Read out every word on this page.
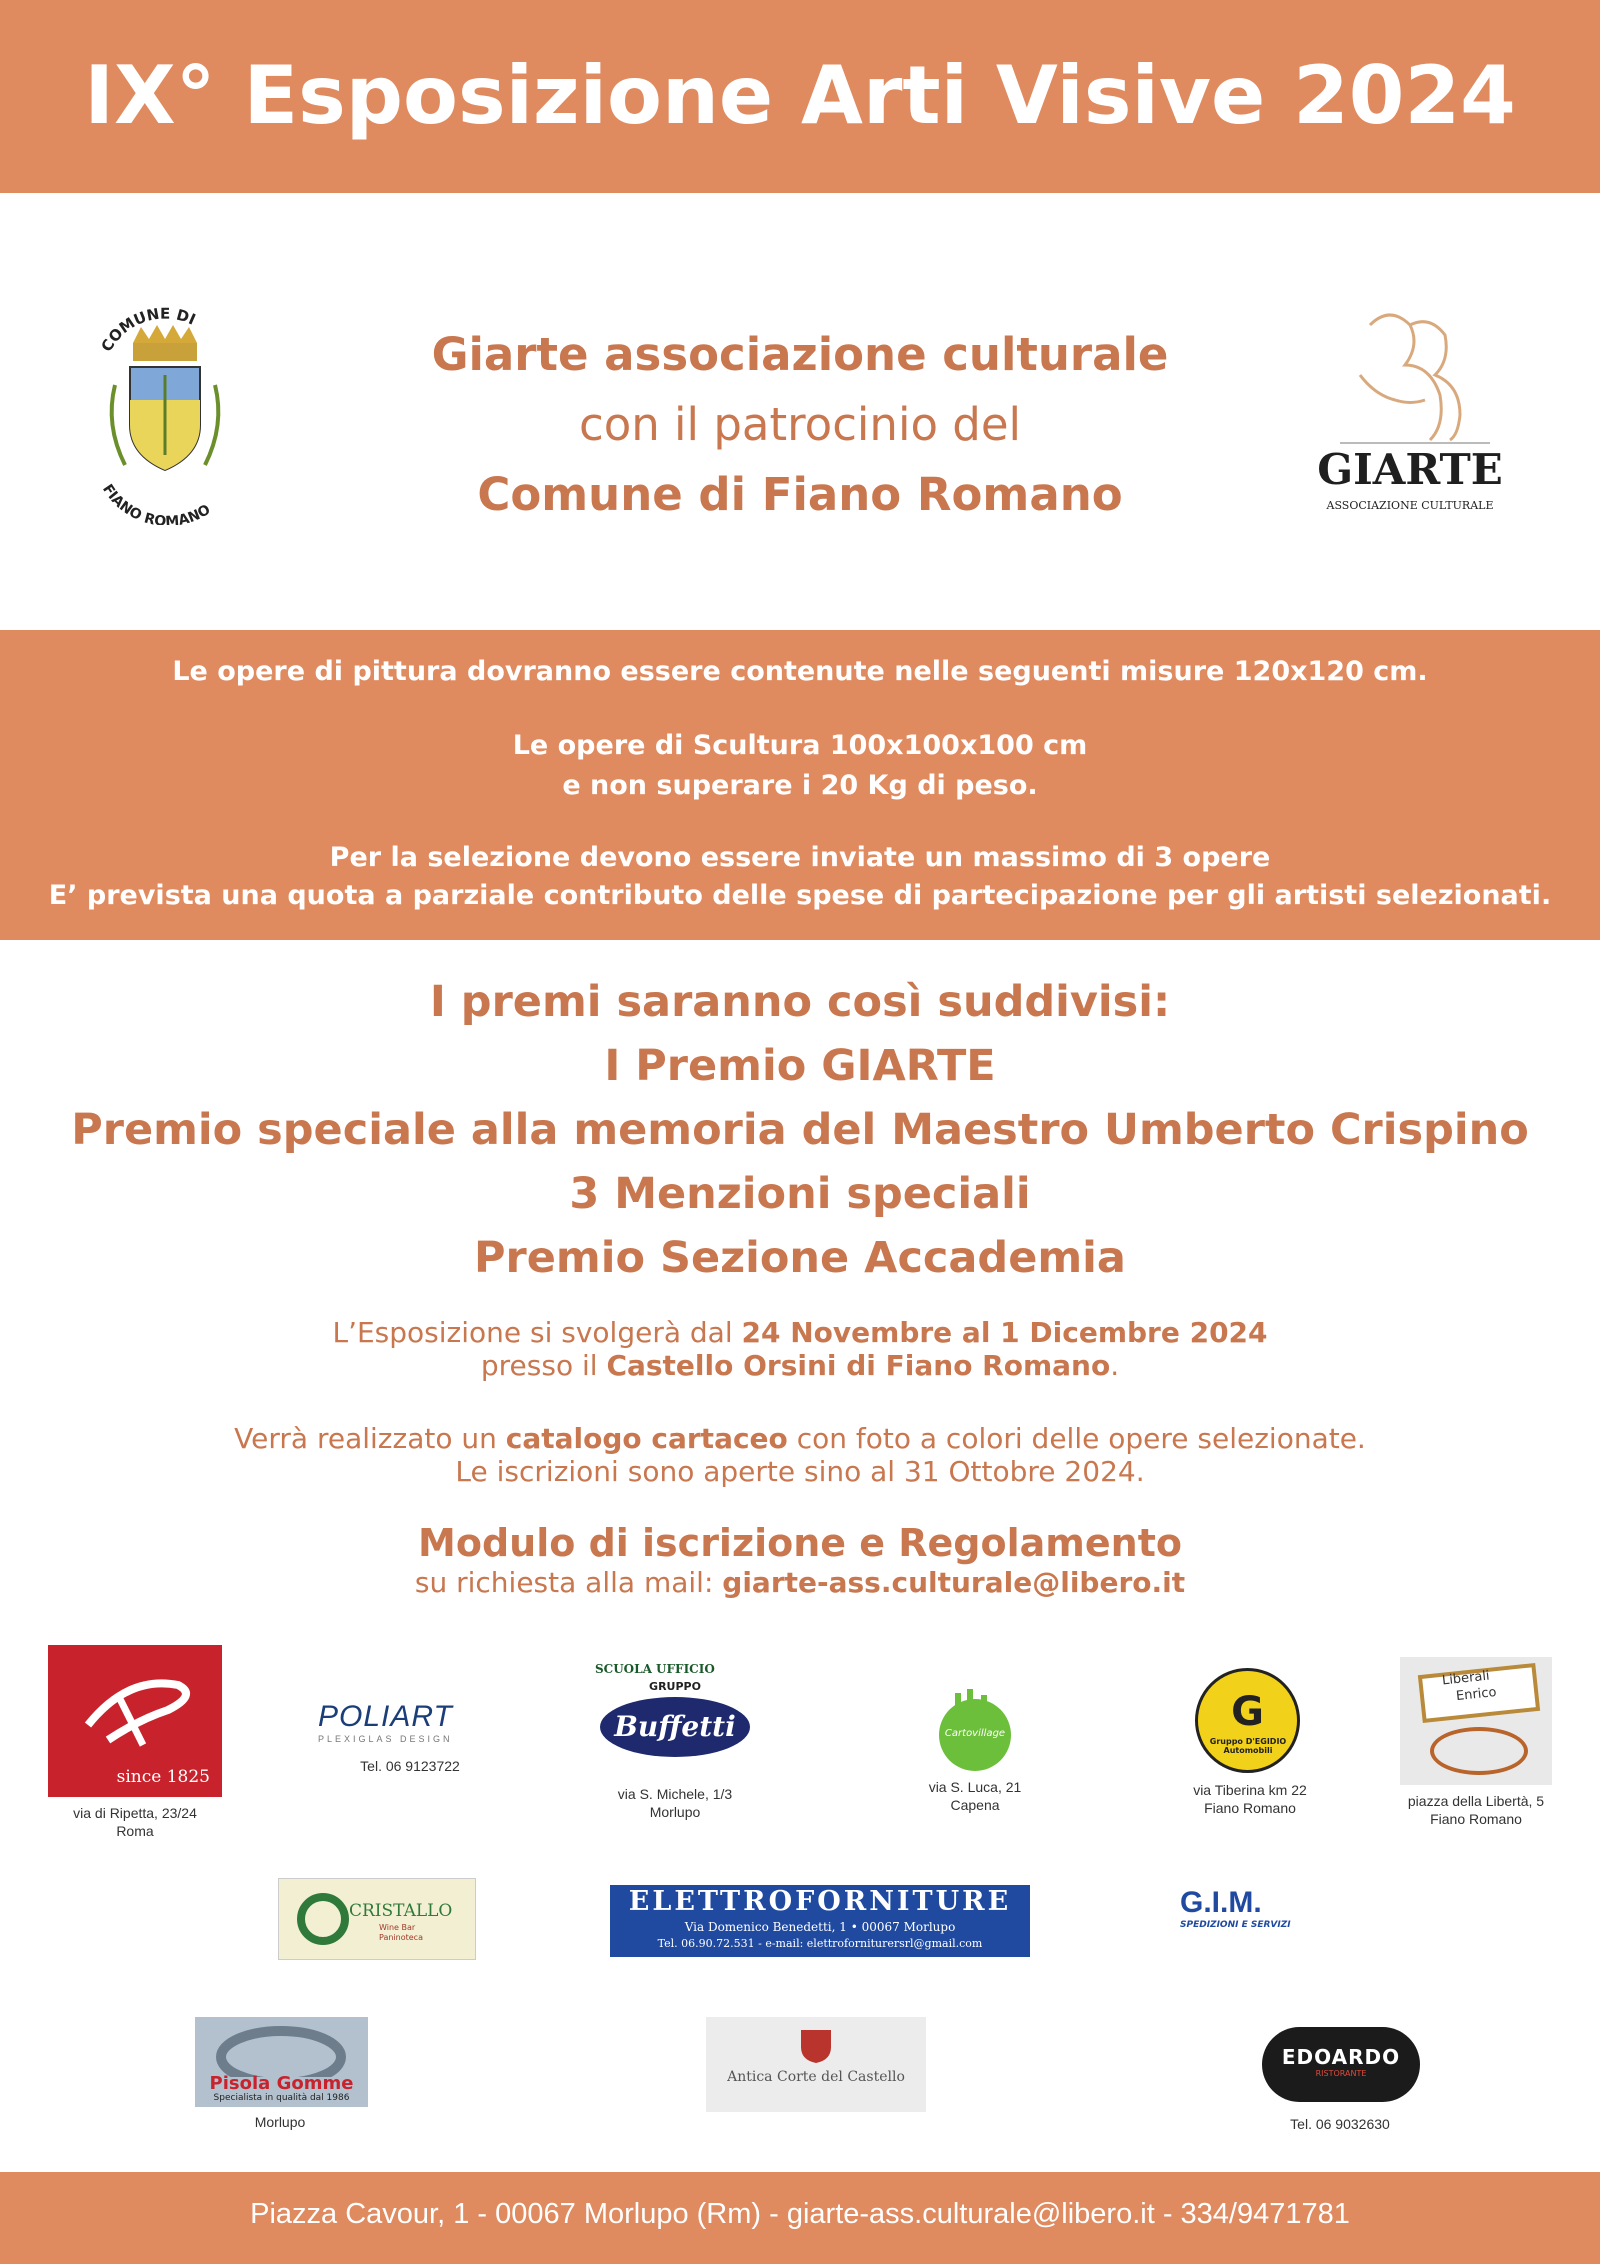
IX° Esposizione Arti Visive 2024
COMUNE DI
FIANO ROMANO
Giarte associazione culturale
con il patrocinio del
Comune di Fiano Romano	GIARTE
ASSOCIAZIONE CULTURALE
Le opere di pittura dovranno essere contenute nelle seguenti misure 120x120 cm.
Le opere di Scultura 100x100x100 cm
e non superare i 20 Kg di peso.
Per la selezione devono essere inviate un massimo di 3 opere
E’ prevista una quota a parziale contributo delle spese di partecipazione per gli artisti selezionati.
I premi saranno così suddivisi:
I Premio GIARTE
Premio speciale alla memoria del Maestro Umberto Crispino
3 Menzioni speciali
Premio Sezione Accademia
L’Esposizione si svolgerà dal 24 Novembre al 1 Dicembre 2024
presso il Castello Orsini di Fiano Romano.
Verrà realizzato un catalogo cartaceo con foto a colori delle opere selezionate.
Le iscrizioni sono aperte sino al 31 Ottobre 2024.
Modulo di iscrizione e Regolamento
su richiesta alla mail: giarte-ass.culturale@libero.it
since 1825
via di Ripetta, 23/24
Roma
POLIART
PLEXIGLAS DESIGN
Tel. 06 9123722
SCUOLA UFFICIO
GRUPPO
Buffetti
via S. Michele, 1/3
Morlupo
Cartovillage
via S. Luca, 21
Capena
G
Gruppo D'EGIDIO Automobili
via Tiberina km 22
Fiano Romano
Liberali
Enrico
piazza della Libertà, 5
Fiano Romano
CRISTALLO
Wine Bar Paninoteca
ELETTROFORNITURE
Via Domenico Benedetti, 1 • 00067 Morlupo
Tel. 06.90.72.531 - e-mail: elettroforniturersrl@gmail.com
G.I.M.
SPEDIZIONI E SERVIZI
Pisola Gomme
Specialista in qualità dal 1986
Morlupo
Antica Corte del Castello
EDOARDO
RISTORANTE
Tel. 06 9032630
Piazza Cavour, 1 - 00067 Morlupo (Rm) - giarte-ass.culturale@libero.it - 334/9471781
